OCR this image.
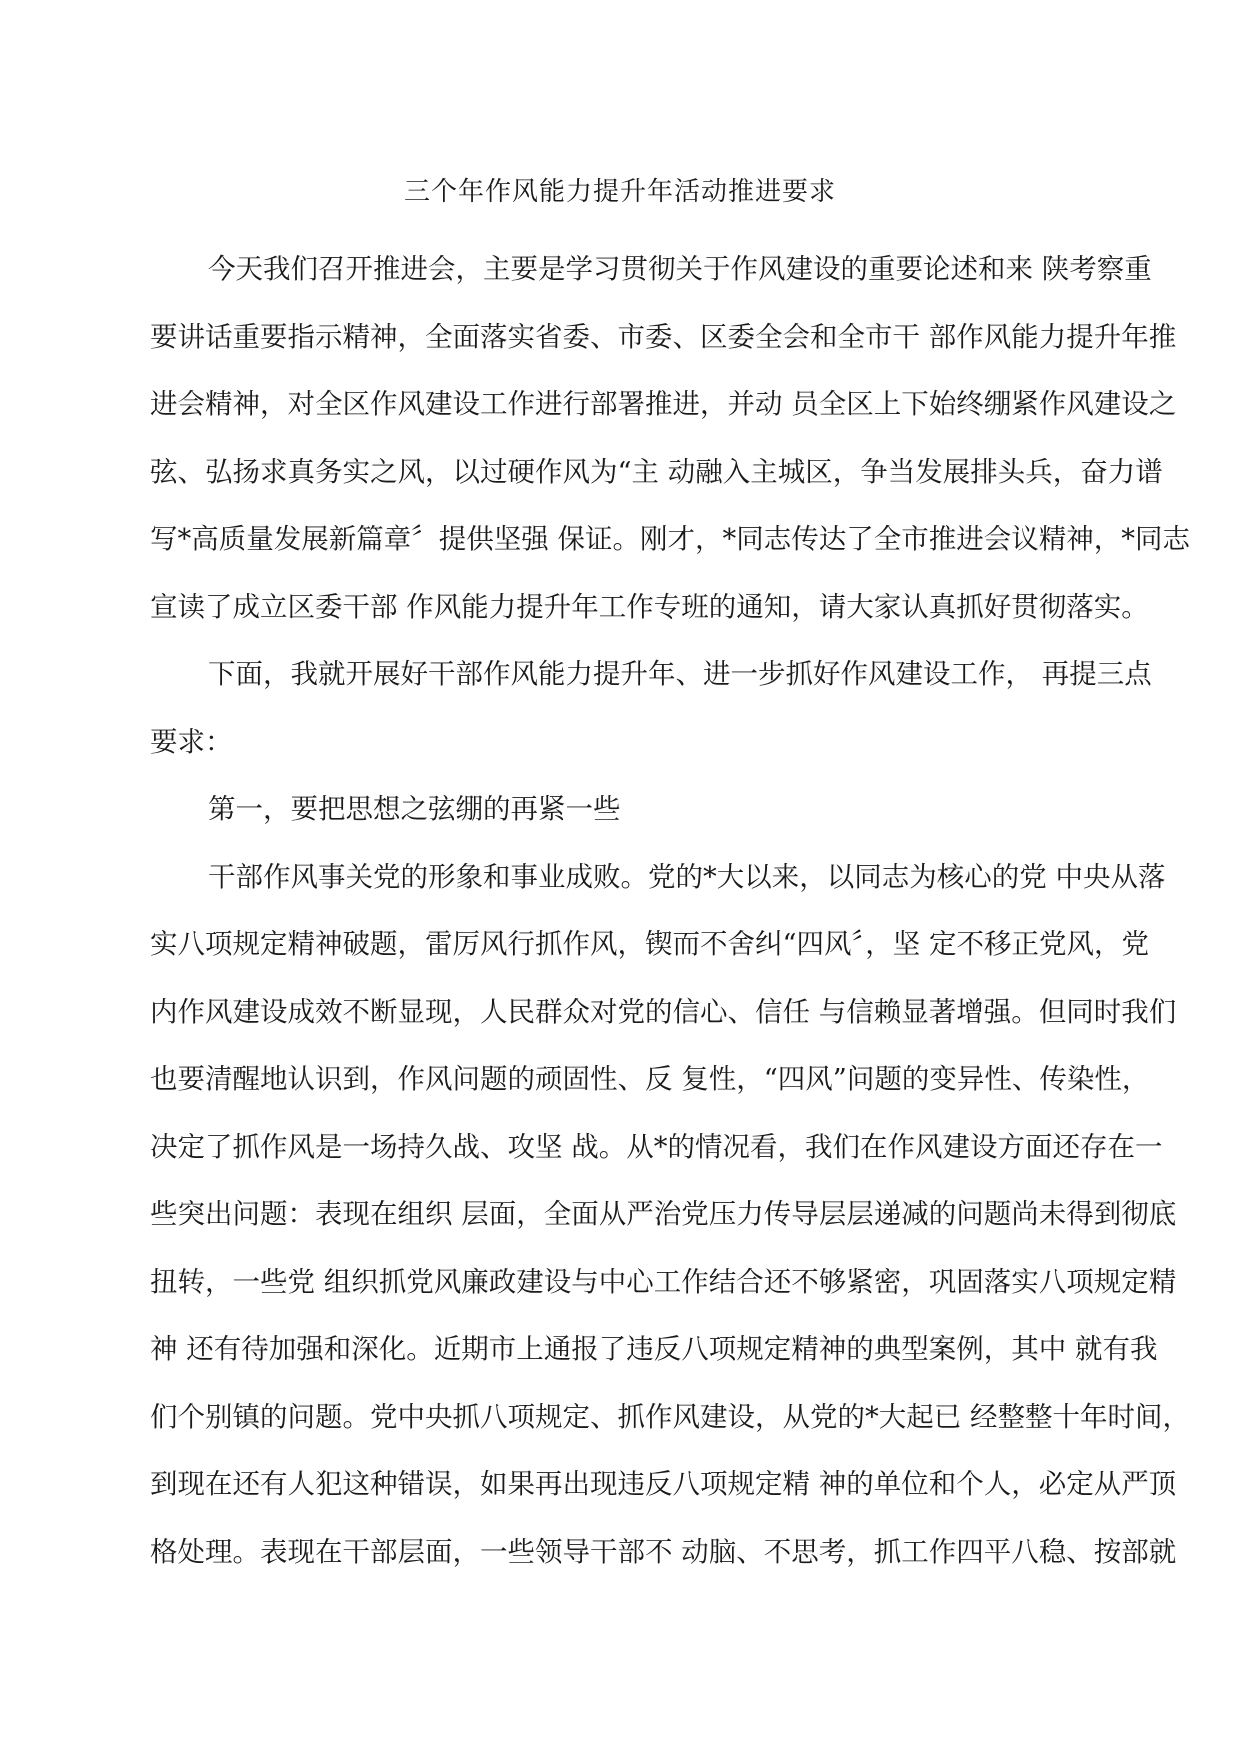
三个年作风能力提升年活动推进要求
今天我们召开推进会，主要是学习贯彻关于作风建设的重要论述和来 陕考察重
要讲话重要指示精神，全面落实省委、市委、区委全会和全市干 部作风能力提升年推
进会精神，对全区作风建设工作进行部署推进，并动 员全区上下始终绷紧作风建设之
弦、弘扬求真务实之风，以过硬作风为“主 动融入主城区，争当发展排头兵，奋力谱
写*高质量发展新篇章〞提供坚强 保证。刚才，*同志传达了全市推进会议精神，*同志
宣读了成立区委干部 作风能力提升年工作专班的通知，请大家认真抓好贯彻落实。
下面，我就开展好干部作风能力提升年、进一步抓好作风建设工作， 再提三点
要求：
第一，要把思想之弦绷的再紧一些
干部作风事关党的形象和事业成败。党的*大以来，以同志为核心的党 中央从落
实八项规定精神破题，雷厉风行抓作风，锲而不舍纠“四风〞，坚 定不移正党风，党
内作风建设成效不断显现，人民群众对党的信心、信任 与信赖显著增强。但同时我们
也要清醒地认识到，作风问题的顽固性、反 复性，“四风”问题的变异性、传染性，
决定了抓作风是一场持久战、攻坚 战。从*的情况看，我们在作风建设方面还存在一
些突出问题：表现在组织 层面，全面从严治党压力传导层层递减的问题尚未得到彻底
扭转，一些党 组织抓党风廉政建设与中心工作结合还不够紧密，巩固落实八项规定精
神 还有待加强和深化。近期市上通报了违反八项规定精神的典型案例，其中 就有我
们个别镇的问题。党中央抓八项规定、抓作风建设，从党的*大起已 经整整十年时间，
到现在还有人犯这种错误，如果再出现违反八项规定精 神的单位和个人，必定从严顶
格处理。表现在干部层面，一些领导干部不 动脑、不思考，抓工作四平八稳、按部就
